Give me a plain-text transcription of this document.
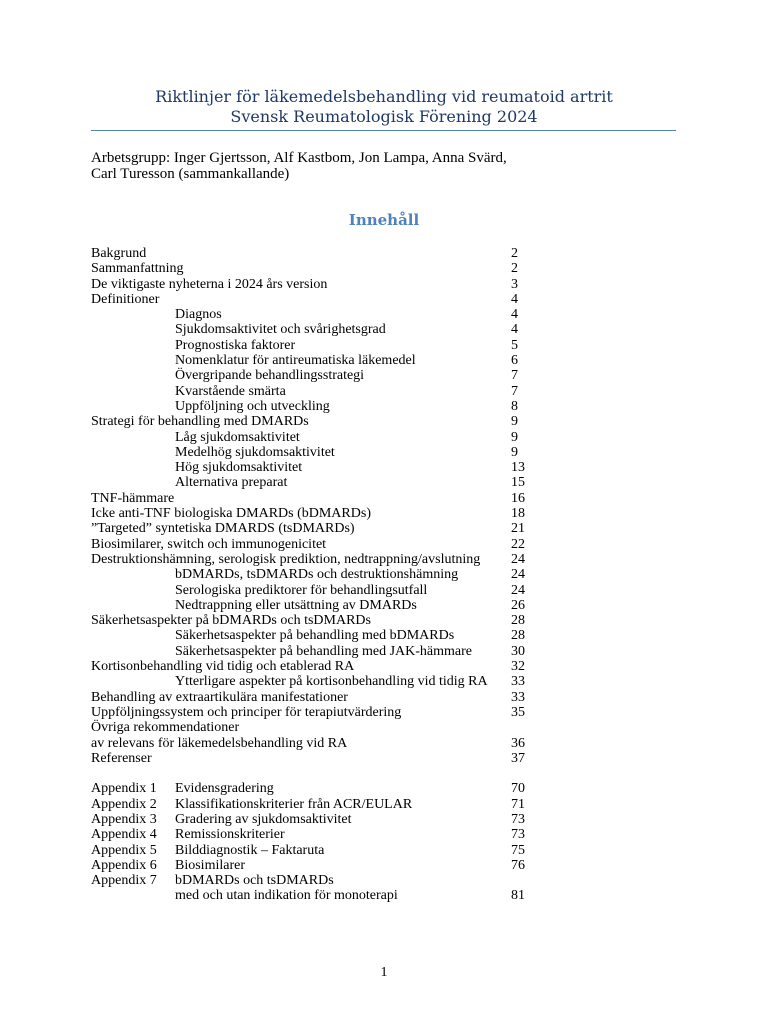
Riktlinjer för läkemedelsbehandling vid reumatoid artrit
Svensk Reumatologisk Förening 2024
Arbetsgrupp: Inger Gjertsson, Alf Kastbom, Jon Lampa, Anna Svärd,
Carl Turesson (sammankallande)
Innehåll
Bakgrund	2
Sammanfattning	2
De viktigaste nyheterna i 2024 års version	3
Definitioner	4
Diagnos	4
Sjukdomsaktivitet och svårighetsgrad	4
Prognostiska faktorer	5
Nomenklatur för antireumatiska läkemedel	6
Övergripande behandlingsstrategi	7
Kvarstående smärta	7
Uppföljning och utveckling	8
Strategi för behandling med DMARDs	9
Låg sjukdomsaktivitet	9
Medelhög sjukdomsaktivitet	9
Hög sjukdomsaktivitet	13
Alternativa preparat	15
TNF-hämmare	16
Icke anti-TNF biologiska DMARDs (bDMARDs)	18
”Targeted” syntetiska DMARDS (tsDMARDs)	21
Biosimilarer, switch och immunogenicitet	22
Destruktionshämning, serologisk prediktion, nedtrappning/avslutning 24
bDMARDs, tsDMARDs och destruktionshämning	24
Serologiska prediktorer för behandlingsutfall	24
Nedtrappning eller utsättning av DMARDs	26
Säkerhetsaspekter på bDMARDs och tsDMARDs	28
Säkerhetsaspekter på behandling med bDMARDs	28
Säkerhetsaspekter på behandling med JAK-hämmare	30
Kortisonbehandling vid tidig och etablerad RA	32
Ytterligare aspekter på kortisonbehandling vid tidig RA 33
Behandling av extraartikulära manifestationer	33
Uppföljningssystem och principer för terapiutvärdering	35
Övriga rekommendationer
av relevans för läkemedelsbehandling vid RA	36
Referenser	37
Appendix 1 Evidensgradering	70
Appendix 2 Klassifikationskriterier från ACR/EULAR	71
Appendix 3 Gradering av sjukdomsaktivitet	73
Appendix 4 Remissionskriterier	73
Appendix 5 Bilddiagnostik – Faktaruta	75
Appendix 6 Biosimilarer	76
Appendix 7 bDMARDs och tsDMARDs
med och utan indikation för monoterapi	81
1
